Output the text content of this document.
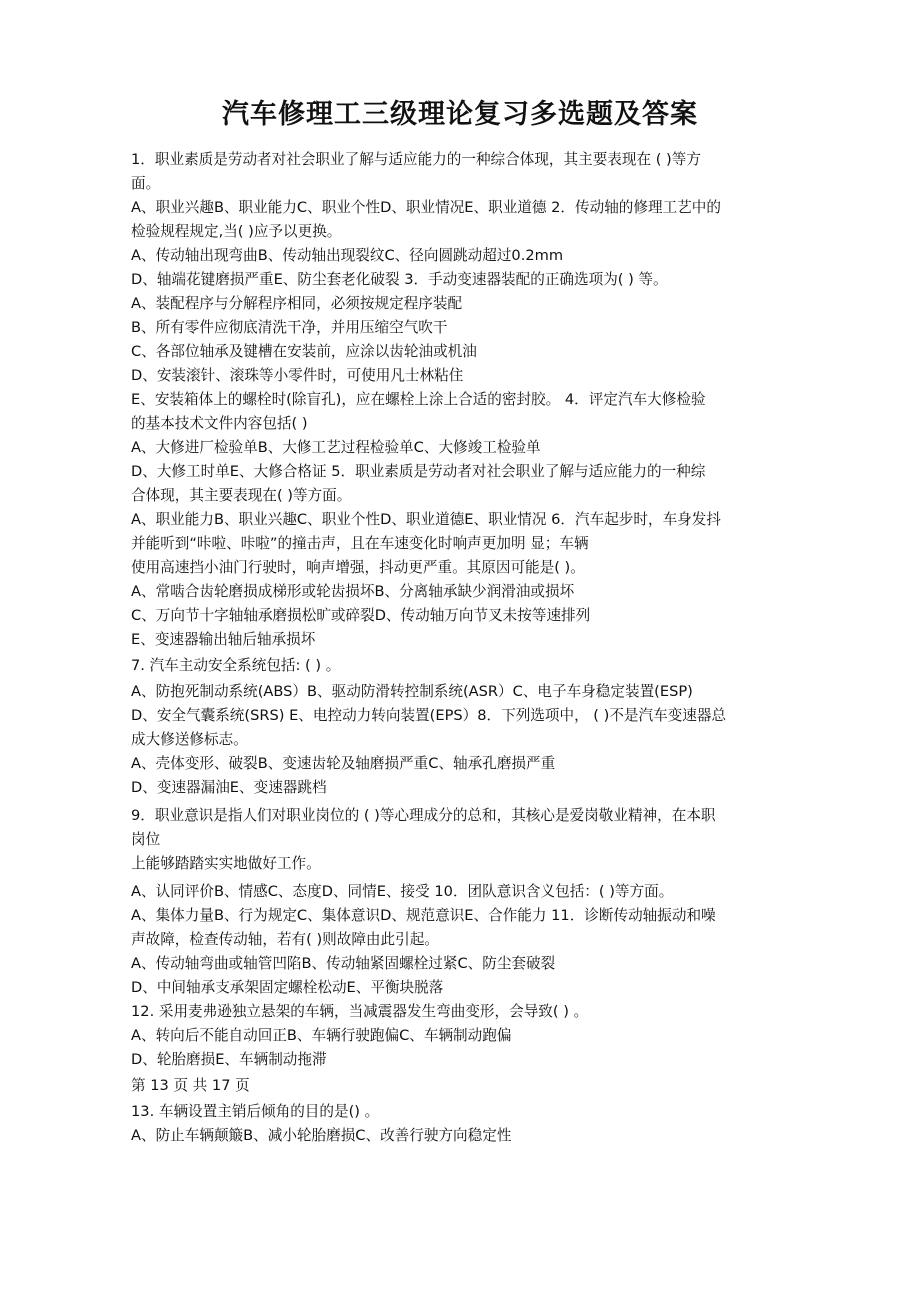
汽车修理工三级理论复习多选题及答案
1．职业素质是劳动者对社会职业了解与适应能力的一种综合体现，其主要表现在 ( )等方
面。
A、职业兴趣B、职业能力C、职业个性D、职业情况E、职业道德 2．传动轴的修理工艺中的
检验规程规定,当( )应予以更换。
A、传动轴出现弯曲B、传动轴出现裂纹C、径向圆跳动超过0.2mm
D、轴端花键磨损严重E、防尘套老化破裂 3．手动变速器装配的正确选项为( ) 等。
A、装配程序与分解程序相同，必须按规定程序装配
B、所有零件应彻底清洗干净，并用压缩空气吹干
C、各部位轴承及键槽在安装前，应涂以齿轮油或机油
D、安装滚针、滚珠等小零件时，可使用凡士林粘住
E、安装箱体上的螺栓时(除盲孔)，应在螺栓上涂上合适的密封胶。 4．评定汽车大修检验
的基本技术文件内容包括( )
A、大修进厂检验单B、大修工艺过程检验单C、大修竣工检验单
D、大修工时单E、大修合格证 5．职业素质是劳动者对社会职业了解与适应能力的一种综
合体现，其主要表现在( )等方面。
A、职业能力B、职业兴趣C、职业个性D、职业道德E、职业情况 6．汽车起步时，车身发抖
并能听到“咔啦、咔啦”的撞击声，且在车速变化时响声更加明 显；车辆
使用高速挡小油门行驶时，响声增强，抖动更严重。其原因可能是( )。
A、常啮合齿轮磨损成梯形或轮齿损坏B、分离轴承缺少润滑油或损坏
C、万向节十字轴轴承磨损松旷或碎裂D、传动轴万向节叉未按等速排列
E、变速器输出轴后轴承损坏
7. 汽车主动安全系统包括: ( ) 。
A、防抱死制动系统(ABS）B、驱动防滑转控制系统(ASR）C、电子车身稳定装置(ESP)
D、安全气囊系统(SRS) E、电控动力转向装置(EPS）8．下列选项中， ( )不是汽车变速器总
成大修送修标志。
A、壳体变形、破裂B、变速齿轮及轴磨损严重C、轴承孔磨损严重
D、变速器漏油E、变速器跳档
9．职业意识是指人们对职业岗位的 ( )等心理成分的总和，其核心是爱岗敬业精神，在本职
岗位
上能够踏踏实实地做好工作。
A、认同评价B、情感C、态度D、同情E、接受 10．团队意识含义包括：( )等方面。
A、集体力量B、行为规定C、集体意识D、规范意识E、合作能力 11．诊断传动轴振动和噪
声故障，检查传动轴，若有( )则故障由此引起。
A、传动轴弯曲或轴管凹陷B、传动轴紧固螺栓过紧C、防尘套破裂
D、中间轴承支承架固定螺栓松动E、平衡块脱落
12. 采用麦弗逊独立悬架的车辆，当减震器发生弯曲变形，会导致( ) 。
A、转向后不能自动回正B、车辆行驶跑偏C、车辆制动跑偏
D、轮胎磨损E、车辆制动拖滞
第 13 页 共 17 页
13. 车辆设置主销后倾角的目的是() 。
A、防止车辆颠簸B、减小轮胎磨损C、改善行驶方向稳定性
